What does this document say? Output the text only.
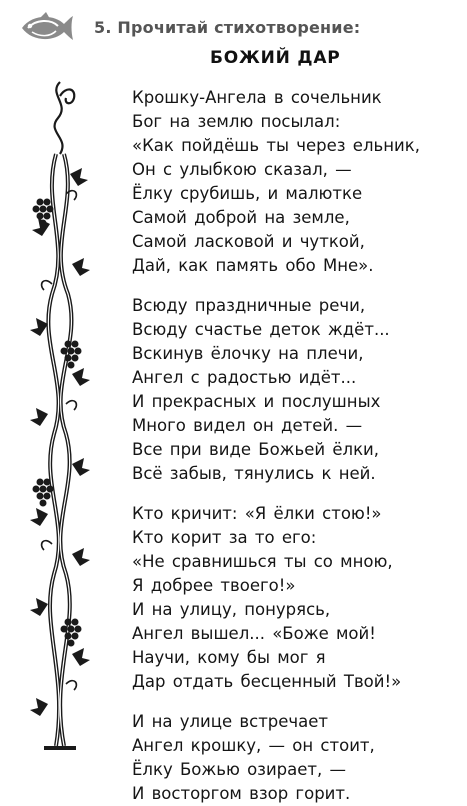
5. Прочитай стихотворение:
БОЖИЙ ДАР
Крошку-Ангела в сочельник
Бог на землю посылал:
«Как пойдёшь ты через ельник,
Он с улыбкою сказал, —
Ёлку срубишь, и малютке
Самой доброй на земле,
Самой ласковой и чуткой,
Дай, как память обо Мне».
Всюду праздничные речи,
Всюду счастье деток ждёт...
Вскинув ёлочку на плечи,
Ангел с радостью идёт...
И прекрасных и послушных
Много видел он детей. —
Все при виде Божьей ёлки,
Всё забыв, тянулись к ней.
Кто кричит: «Я ёлки стою!»
Кто корит за то его:
«Не сравнишься ты со мною,
Я добрее твоего!»
И на улицу, понурясь,
Ангел вышел... «Боже мой!
Научи, кому бы мог я
Дар отдать бесценный Твой!»
И на улице встречает
Ангел крошку, — он стоит,
Ёлку Божью озирает, —
И восторгом взор горит.
